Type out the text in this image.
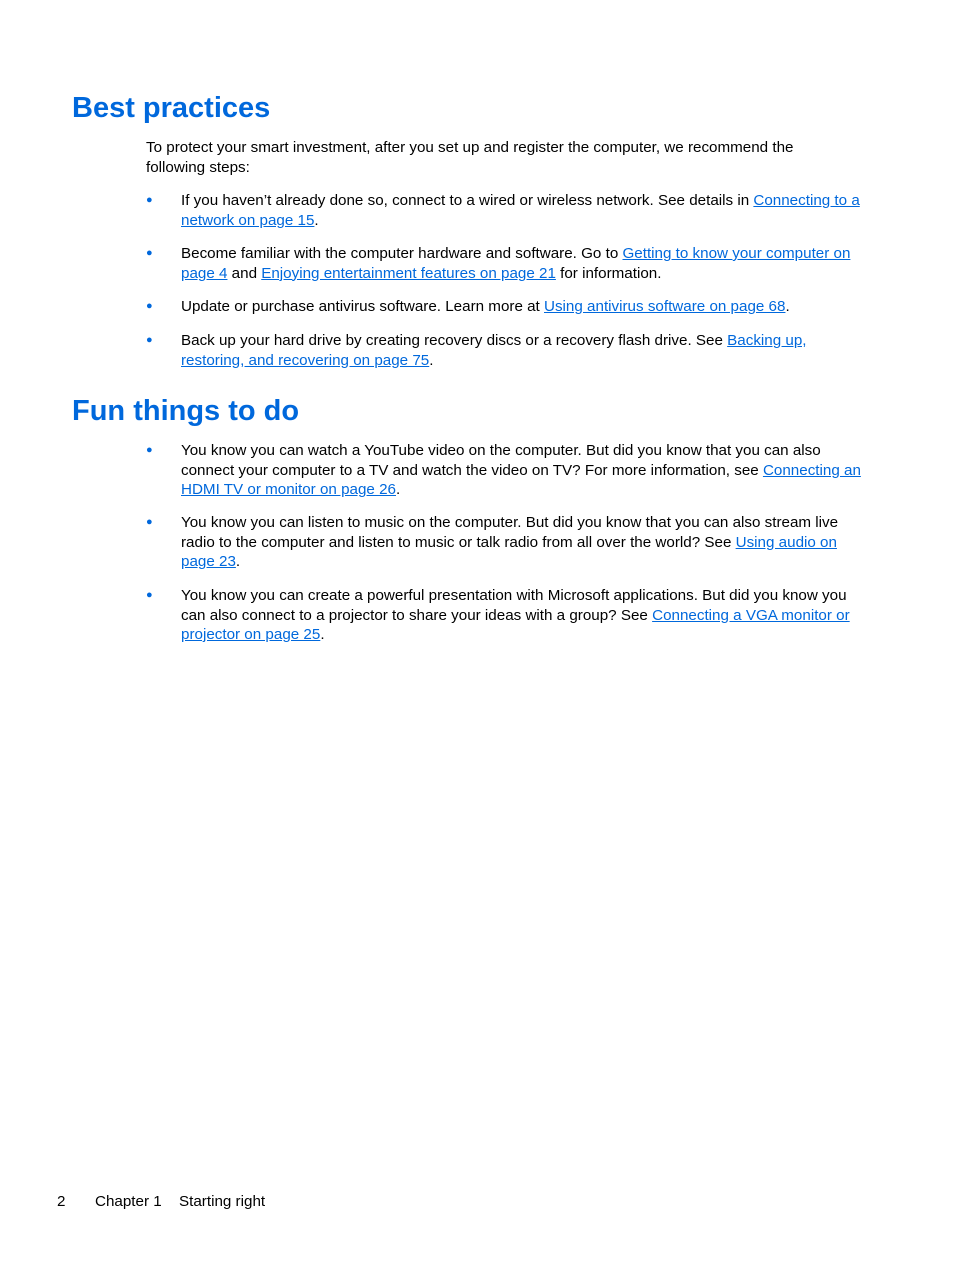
Best practices

To protect your smart investment, after you set up and register the computer, we recommend the following steps:

● If you haven’t already done so, connect to a wired or wireless network. See details in Connecting to a network on page 15.
● Become familiar with the computer hardware and software. Go to Getting to know your computer on page 4 and Enjoying entertainment features on page 21 for information.
● Update or purchase antivirus software. Learn more at Using antivirus software on page 68.
● Back up your hard drive by creating recovery discs or a recovery flash drive. See Backing up, restoring, and recovering on page 75.
Fun things to do
● You know you can watch a YouTube video on the computer. But did you know that you can also connect your computer to a TV and watch the video on TV? For more information, see Connecting an HDMI TV or monitor on page 26.
● You know you can listen to music on the computer. But did you know that you can also stream live radio to the computer and listen to music or talk radio from all over the world? See Using audio on page 23.
● You know you can create a powerful presentation with Microsoft applications. But did you know you can also connect to a projector to share your ideas with a group? See Connecting a VGA monitor or projector on page 25.
2 Chapter 1 Starting right
